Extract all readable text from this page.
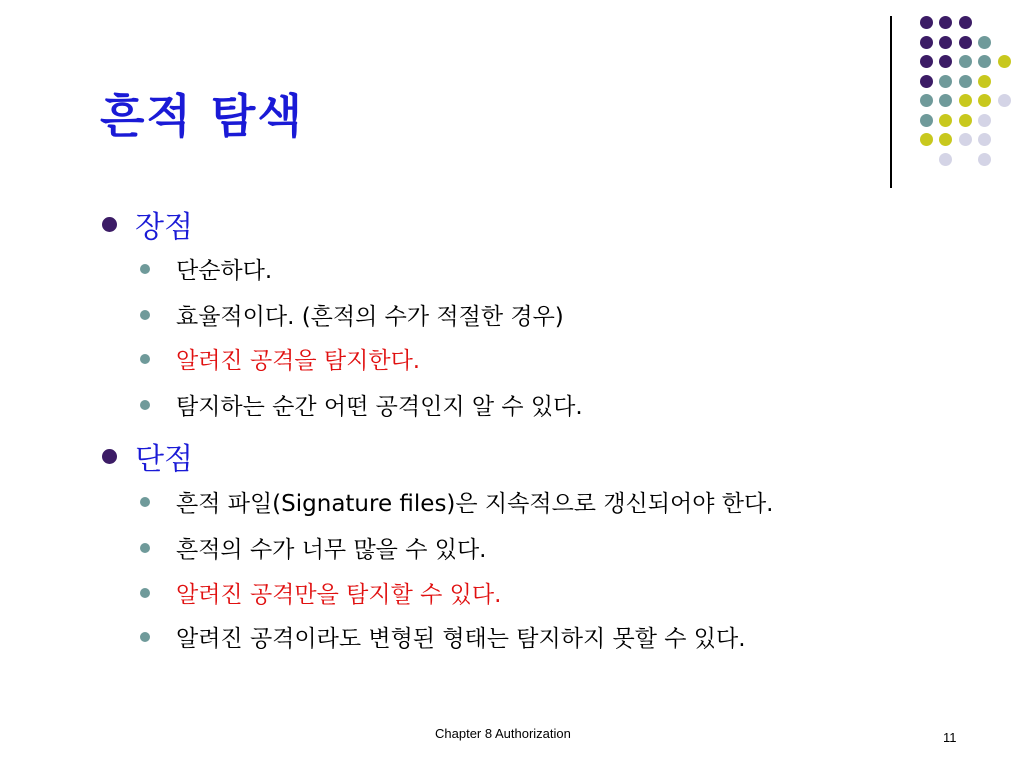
흔적 탐색
장점
단순하다.
효율적이다. (흔적의 수가 적절한 경우)
알려진 공격을 탐지한다.
탐지하는 순간 어떤 공격인지 알 수 있다.
단점
흔적 파일(Signature files)은 지속적으로 갱신되어야 한다.
흔적의 수가 너무 많을 수 있다.
알려진 공격만을 탐지할 수 있다.
알려진 공격이라도 변형된 형태는 탐지하지 못할 수 있다.
Chapter 8 Authorization	11
